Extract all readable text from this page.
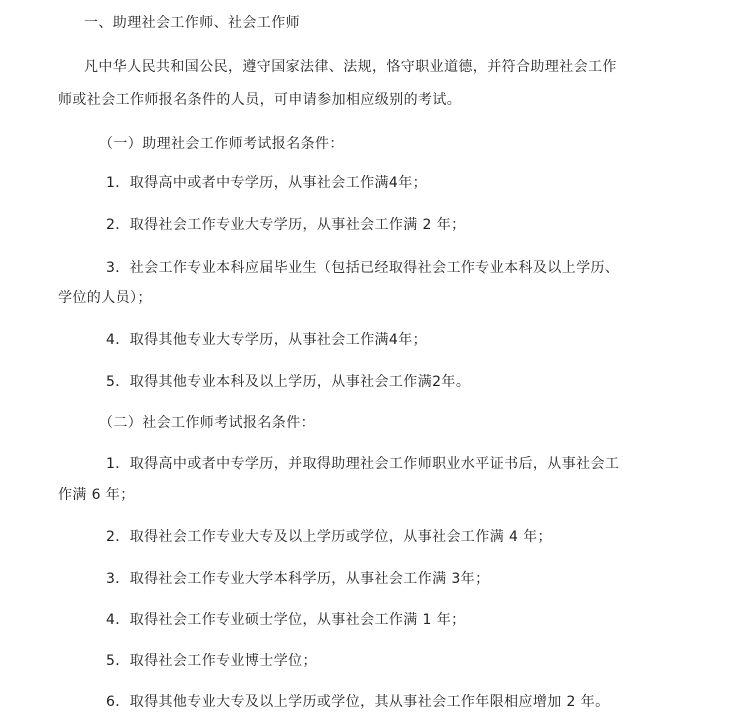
一、助理社会工作师、社会工作师
凡中华人民共和国公民，遵守国家法律、法规，恪守职业道德，并符合助理社会工作
师或社会工作师报名条件的人员，可申请参加相应级别的考试。
（一）助理社会工作师考试报名条件：
1．取得高中或者中专学历，从事社会工作满4年；
2．取得社会工作专业大专学历，从事社会工作满 2 年；
3．社会工作专业本科应届毕业生（包括已经取得社会工作专业本科及以上学历、
学位的人员）；
4．取得其他专业大专学历，从事社会工作满4年；
5．取得其他专业本科及以上学历，从事社会工作满2年。
（二）社会工作师考试报名条件：
1．取得高中或者中专学历，并取得助理社会工作师职业水平证书后，从事社会工
作满 6 年；
2．取得社会工作专业大专及以上学历或学位，从事社会工作满 4 年；
3．取得社会工作专业大学本科学历，从事社会工作满 3年；
4．取得社会工作专业硕士学位，从事社会工作满 1 年；
5．取得社会工作专业博士学位；
6．取得其他专业大专及以上学历或学位，其从事社会工作年限相应增加 2 年。
